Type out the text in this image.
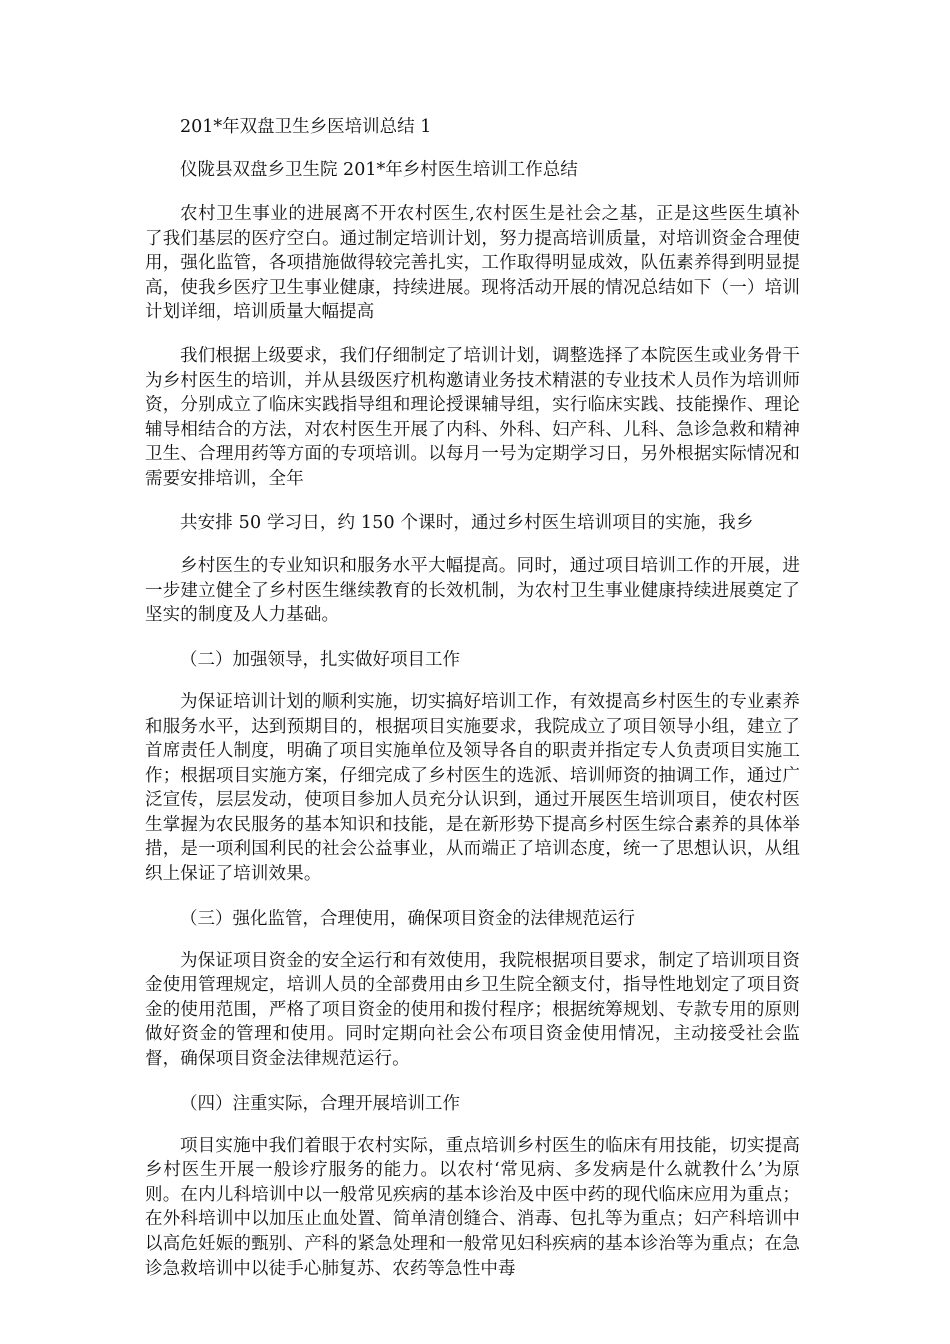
201*年双盘卫生乡医培训总结 1

仪陇县双盘乡卫生院 201*年乡村医生培训工作总结

农村卫生事业的进展离不开农村医生,农村医生是社会之基，正是这些医生填补了我们基层的医疗空白。通过制定培训计划，努力提高培训质量，对培训资金合理使用，强化监管，各项措施做得较完善扎实，工作取得明显成效，队伍素养得到明显提高，使我乡医疗卫生事业健康，持续进展。现将活动开展的情况总结如下（一）培训计划详细，培训质量大幅提高

我们根据上级要求，我们仔细制定了培训计划，调整选择了本院医生或业务骨干为乡村医生的培训，并从县级医疗机构邀请业务技术精湛的专业技术人员作为培训师资，分别成立了临床实践指导组和理论授课辅导组，实行临床实践、技能操作、理论辅导相结合的方法，对农村医生开展了内科、外科、妇产科、儿科、急诊急救和精神卫生、合理用药等方面的专项培训。以每月一号为定期学习日，另外根据实际情况和需要安排培训，全年

共安排 50 学习日，约 150 个课时，通过乡村医生培训项目的实施，我乡

乡村医生的专业知识和服务水平大幅提高。同时，通过项目培训工作的开展，进一步建立健全了乡村医生继续教育的长效机制，为农村卫生事业健康持续进展奠定了坚实的制度及人力基础。

（二）加强领导，扎实做好项目工作

为保证培训计划的顺利实施，切实搞好培训工作，有效提高乡村医生的专业素养和服务水平，达到预期目的，根据项目实施要求，我院成立了项目领导小组，建立了首席责任人制度，明确了项目实施单位及领导各自的职责并指定专人负责项目实施工作；根据项目实施方案，仔细完成了乡村医生的选派、培训师资的抽调工作，通过广泛宣传，层层发动，使项目参加人员充分认识到，通过开展医生培训项目，使农村医生掌握为农民服务的基本知识和技能，是在新形势下提高乡村医生综合素养的具体举措，是一项利国利民的社会公益事业，从而端正了培训态度，统一了思想认识，从组织上保证了培训效果。

（三）强化监管，合理使用，确保项目资金的法律规范运行

为保证项目资金的安全运行和有效使用，我院根据项目要求，制定了培训项目资金使用管理规定，培训人员的全部费用由乡卫生院全额支付，指导性地划定了项目资金的使用范围，严格了项目资金的使用和拨付程序；根据统筹规划、专款专用的原则做好资金的管理和使用。同时定期向社会公布项目资金使用情况，主动接受社会监督，确保项目资金法律规范运行。

（四）注重实际，合理开展培训工作

项目实施中我们着眼于农村实际，重点培训乡村医生的临床有用技能，切实提高乡村医生开展一般诊疗服务的能力。以农村‘常见病、多发病是什么就教什么’为原则。在内儿科培训中以一般常见疾病的基本诊治及中医中药的现代临床应用为重点；在外科培训中以加压止血处置、简单清创缝合、消毒、包扎等为重点；妇产科培训中以高危妊娠的甄别、产科的紧急处理和一般常见妇科疾病的基本诊治等为重点；在急诊急救培训中以徒手心肺复苏、农药等急性中毒
